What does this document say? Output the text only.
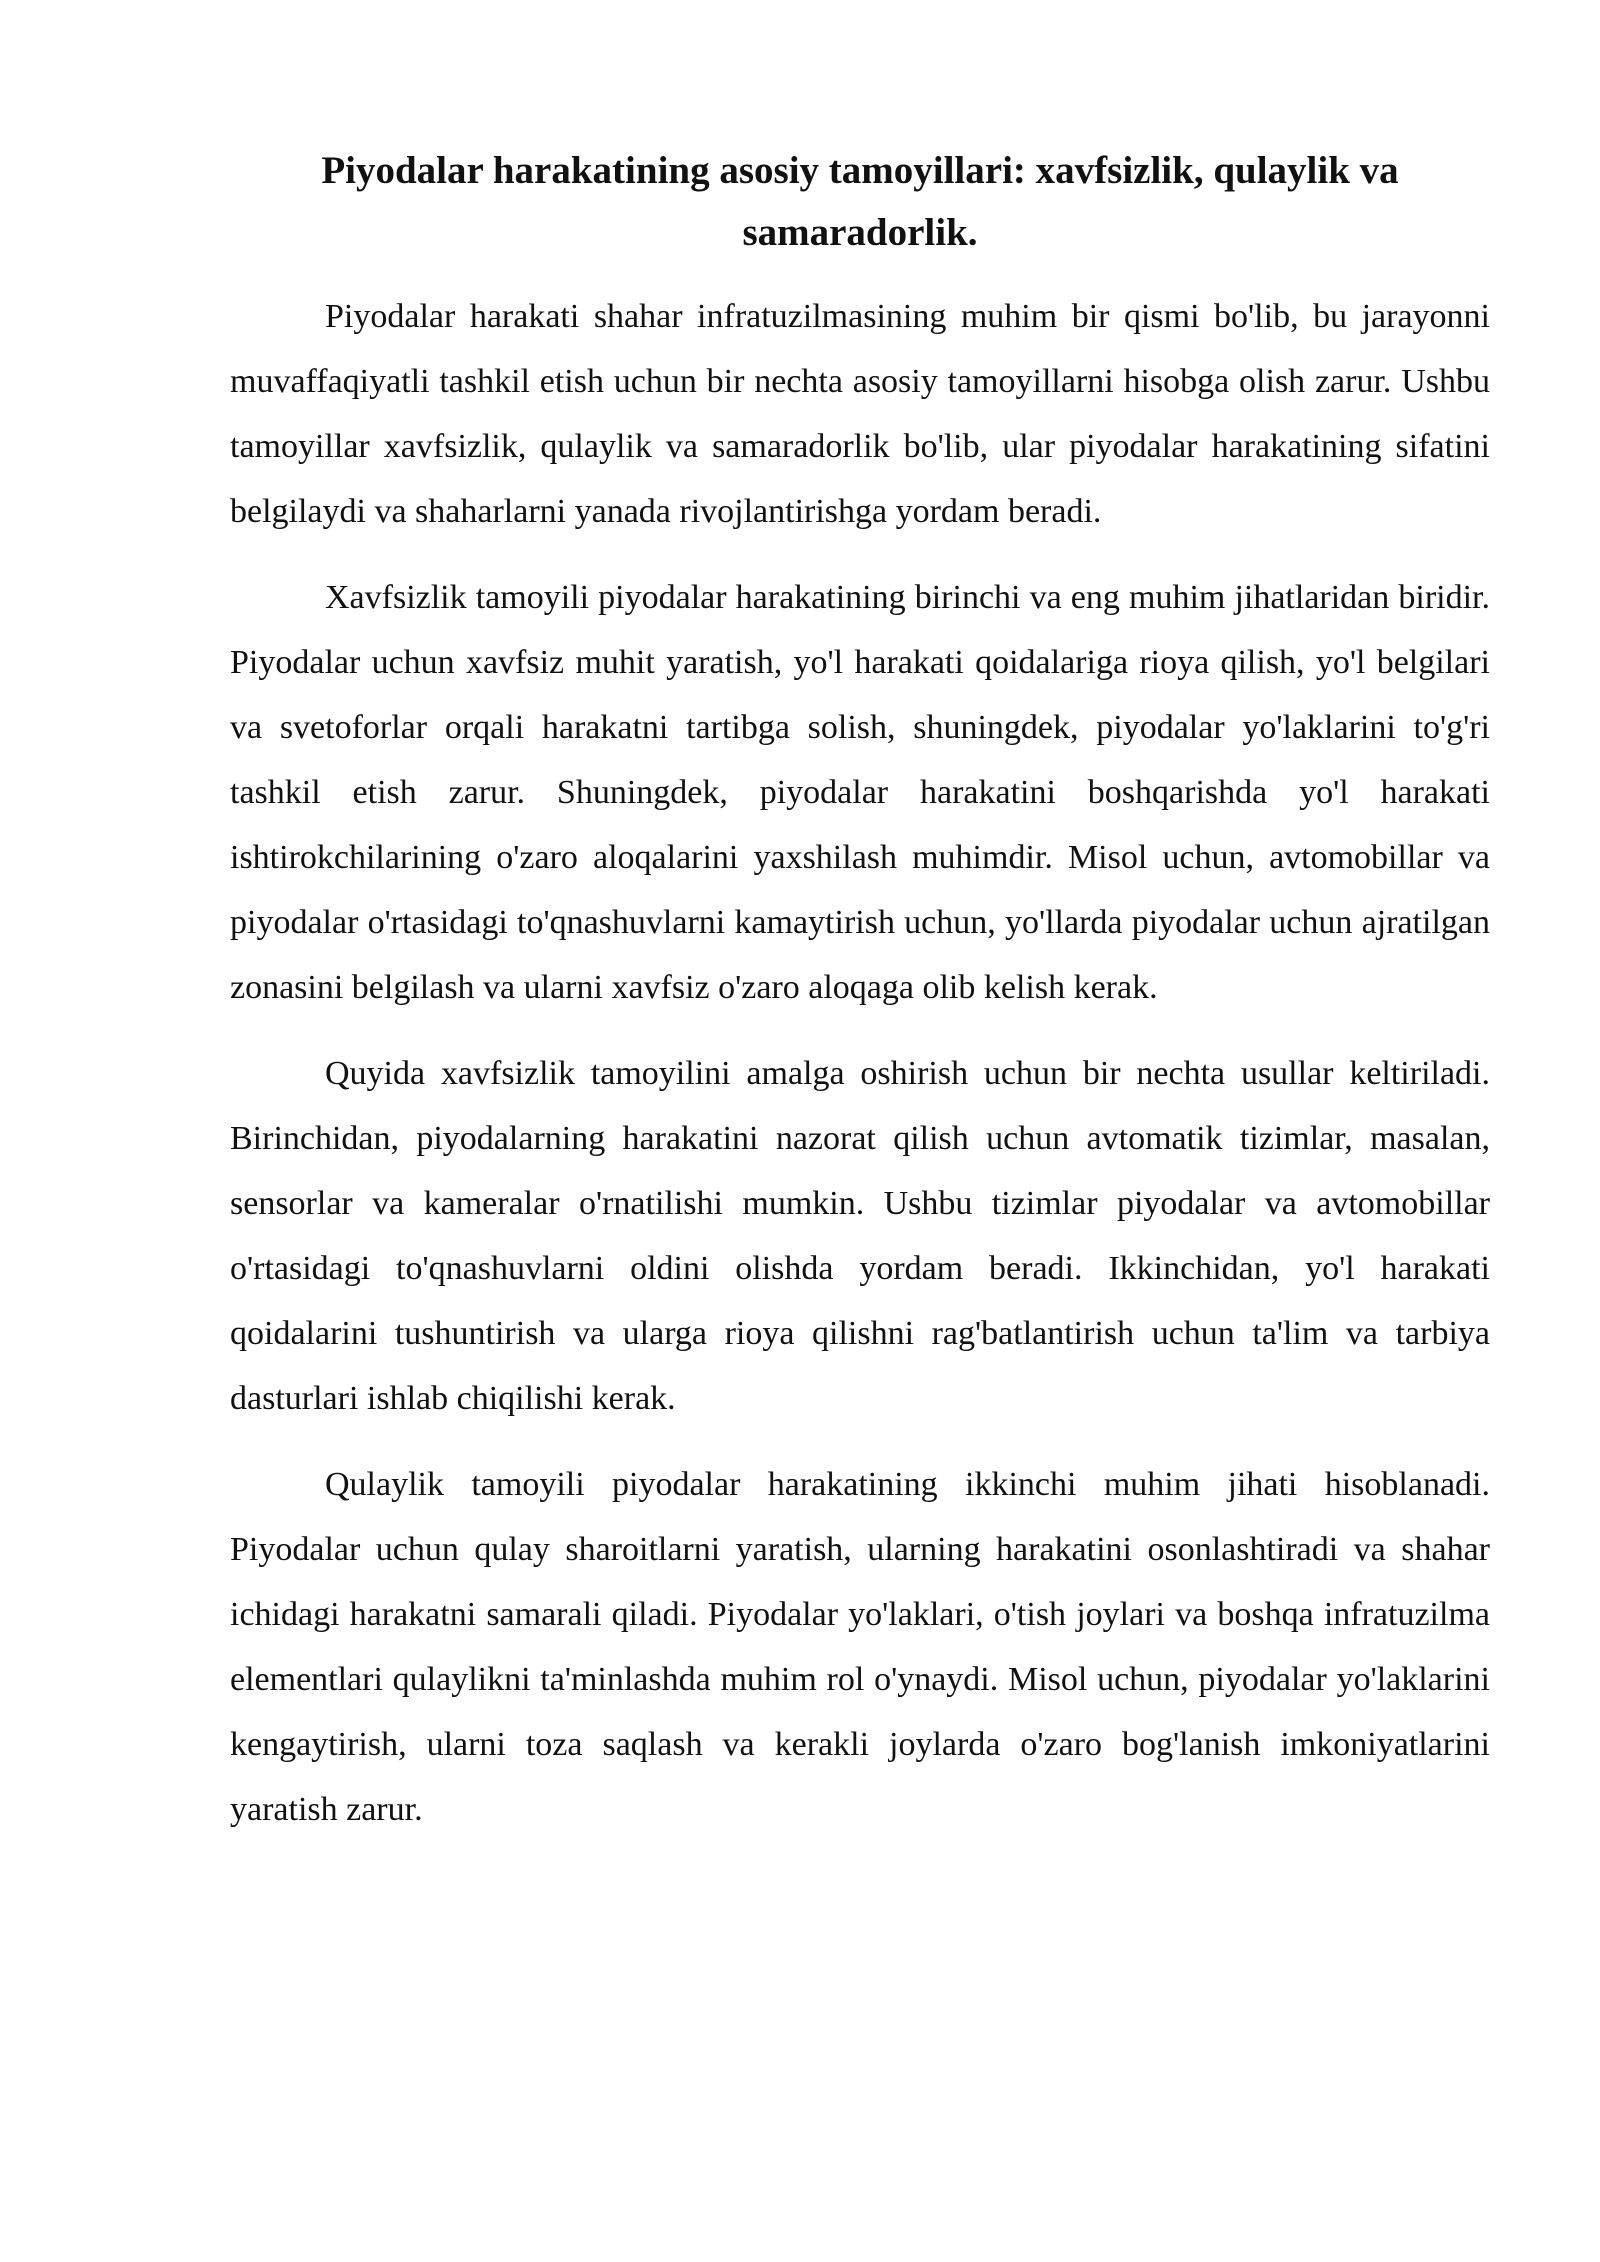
Piyodalar harakatining asosiy tamoyillari: xavfsizlik, qulaylik va samaradorlik.

Piyodalar harakati shahar infratuzilmasining muhim bir qismi bo'lib, bu jarayonni muvaffaqiyatli tashkil etish uchun bir nechta asosiy tamoyillarni hisobga olish zarur. Ushbu tamoyillar xavfsizlik, qulaylik va samaradorlik bo'lib, ular piyodalar harakatining sifatini belgilaydi va shaharlarni yanada rivojlantirishga yordam beradi.

Xavfsizlik tamoyili piyodalar harakatining birinchi va eng muhim jihatlaridan biridir. Piyodalar uchun xavfsiz muhit yaratish, yo'l harakati qoidalariga rioya qilish, yo'l belgilari va svetoforlar orqali harakatni tartibga solish, shuningdek, piyodalar yo'laklarini to'g'ri tashkil etish zarur. Shuningdek, piyodalar harakatini boshqarishda yo'l harakati ishtirokchilarining o'zaro aloqalarini yaxshilash muhimdir. Misol uchun, avtomobillar va piyodalar o'rtasidagi to'qnashuvlarni kamaytirish uchun, yo'llarda piyodalar uchun ajratilgan zonasini belgilash va ularni xavfsiz o'zaro aloqaga olib kelish kerak.

Quyida xavfsizlik tamoyilini amalga oshirish uchun bir nechta usullar keltiriladi. Birinchidan, piyodalarning harakatini nazorat qilish uchun avtomatik tizimlar, masalan, sensorlar va kameralar o'rnatilishi mumkin. Ushbu tizimlar piyodalar va avtomobillar o'rtasidagi to'qnashuvlarni oldini olishda yordam beradi. Ikkinchidan, yo'l harakati qoidalarini tushuntirish va ularga rioya qilishni rag'batlantirish uchun ta'lim va tarbiya dasturlari ishlab chiqilishi kerak.

Qulaylik tamoyili piyodalar harakatining ikkinchi muhim jihati hisoblanadi. Piyodalar uchun qulay sharoitlarni yaratish, ularning harakatini osonlashtiradi va shahar ichidagi harakatni samarali qiladi. Piyodalar yo'laklari, o'tish joylari va boshqa infratuzilma elementlari qulaylikni ta'minlashda muhim rol o'ynaydi. Misol uchun, piyodalar yo'laklarini kengaytirish, ularni toza saqlash va kerakli joylarda o'zaro bog'lanish imkoniyatlarini yaratish zarur.
